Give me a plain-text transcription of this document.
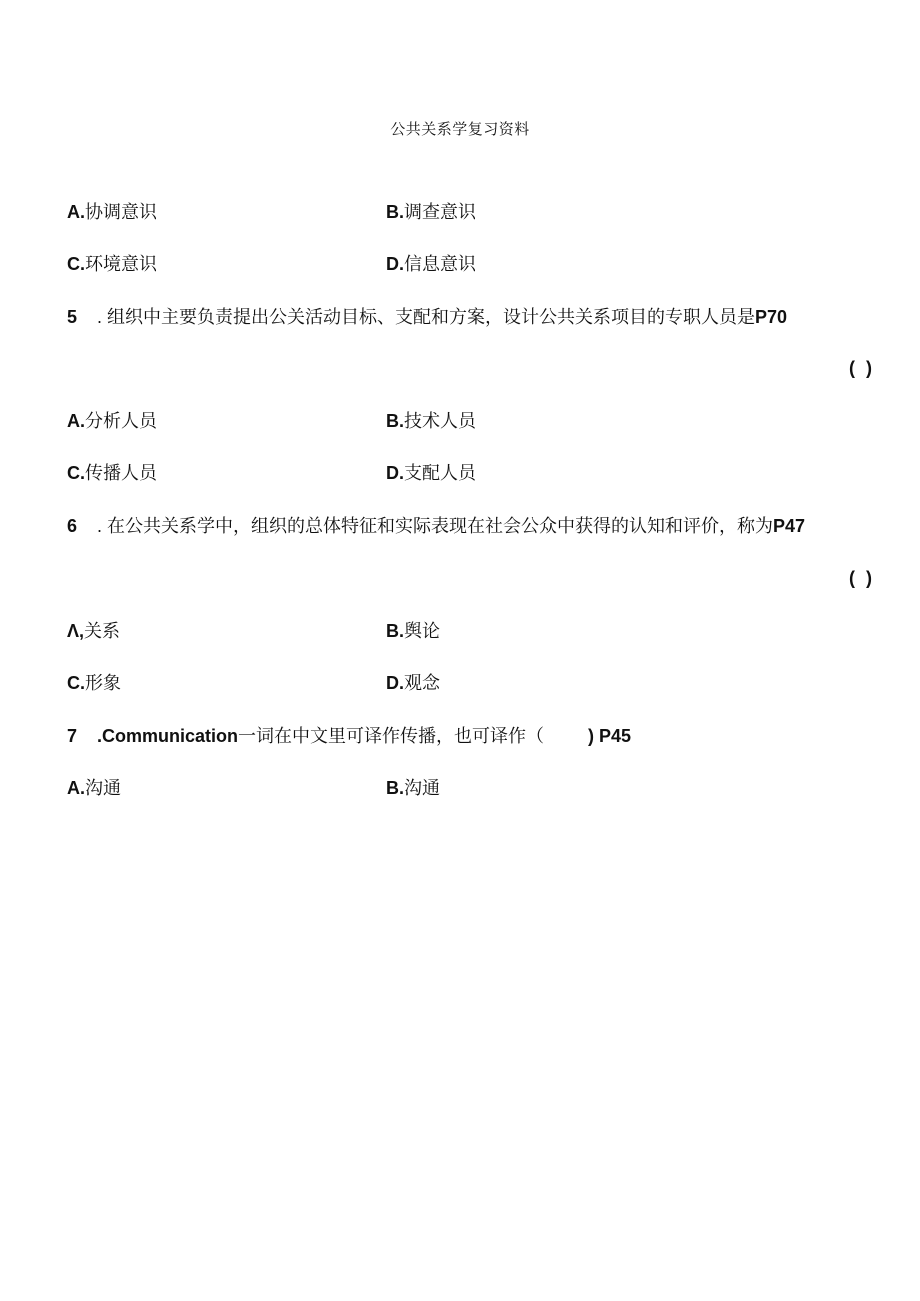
公共关系学复习资料
A.协调意识	B.调查意识
C.环境意识	D.信息意识
5 . 组织中主要负责提出公关活动目标、支配和方案，设计公共关系项目的专职人员是P70
( )
A.分析人员	B.技术人员
C.传播人员	D.支配人员
6 . 在公共关系学中，组织的总体特征和实际表现在社会公众中获得的认知和评价，称为P47
( )
Λ,关系	B.舆论
C.形象	D.观念
7 .Communication一词在中文里可译作传播，也可译作（ ) P45
A.沟通	B.沟通
